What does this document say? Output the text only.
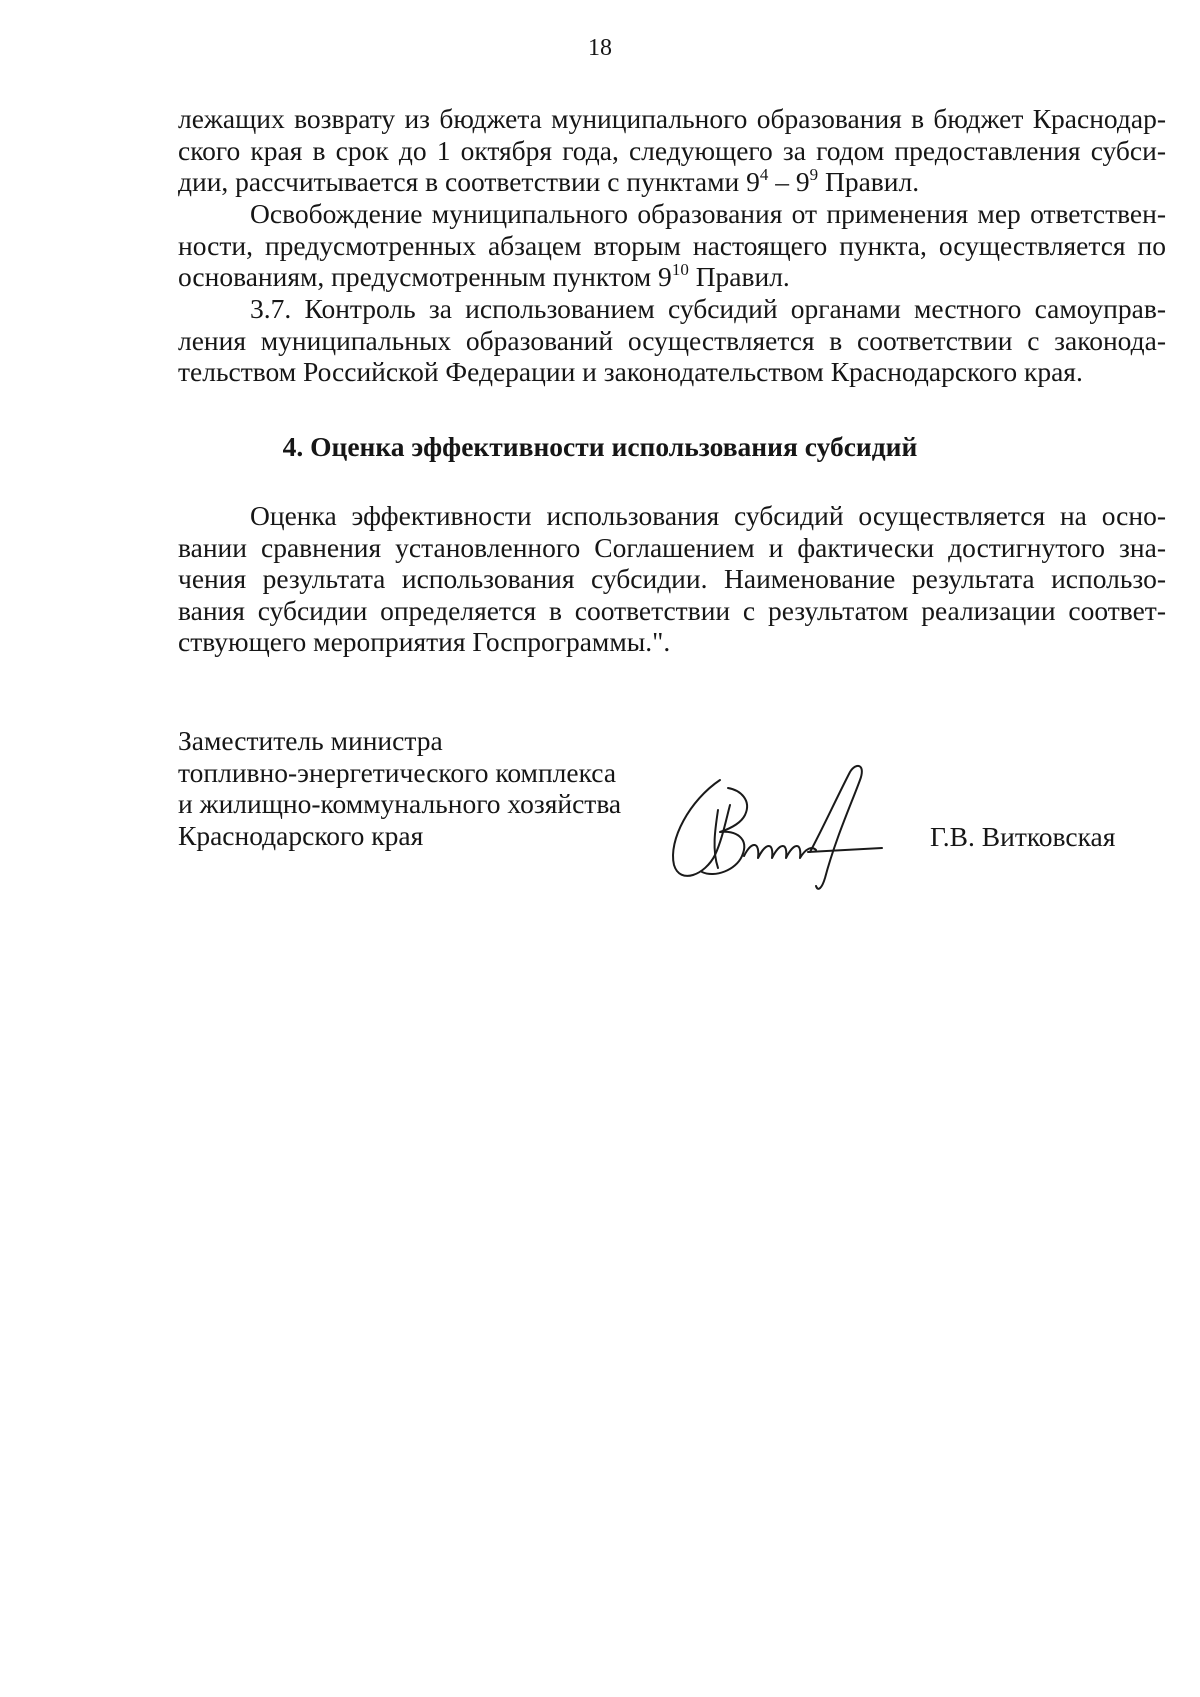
18

лежащих возврату из бюджета муниципального образования в бюджет Краснодар-

ского края в срок до 1 октября года, следующего за годом предоставления субси-

дии, рассчитывается в соответствии с пунктами $9^4 - 9^9$ Правил.

Освобождение муниципального образования от применения мер ответствен-

ности, предусмотренных абзацем вторым настоящего пункта, осуществляется по

основаниям, предусмотренным пунктом $9^{10}$ Правил.

3.7. Контроль за использованием субсидий органами местного самоуправ-

ления муниципальных образований осуществляется в соответствии с законода-

тельством Российской Федерации и законодательством Краснодарского края.

4. Оценка эффективности использования субсидий

Оценка эффективности использования субсидий осуществляется на осно-

вании сравнения установленного Соглашением и фактически достигнутого зна-

чения результата использования субсидии. Наименование результата использо-

вания субсидии определяется в соответствии с результатом реализации соответ-

ствующего мероприятия Госпрограммы.".

Заместитель министра
топливно-энергетического комплекса
и жилищно-коммунального хозяйства
Краснодарского края	Г.В. Витковская
